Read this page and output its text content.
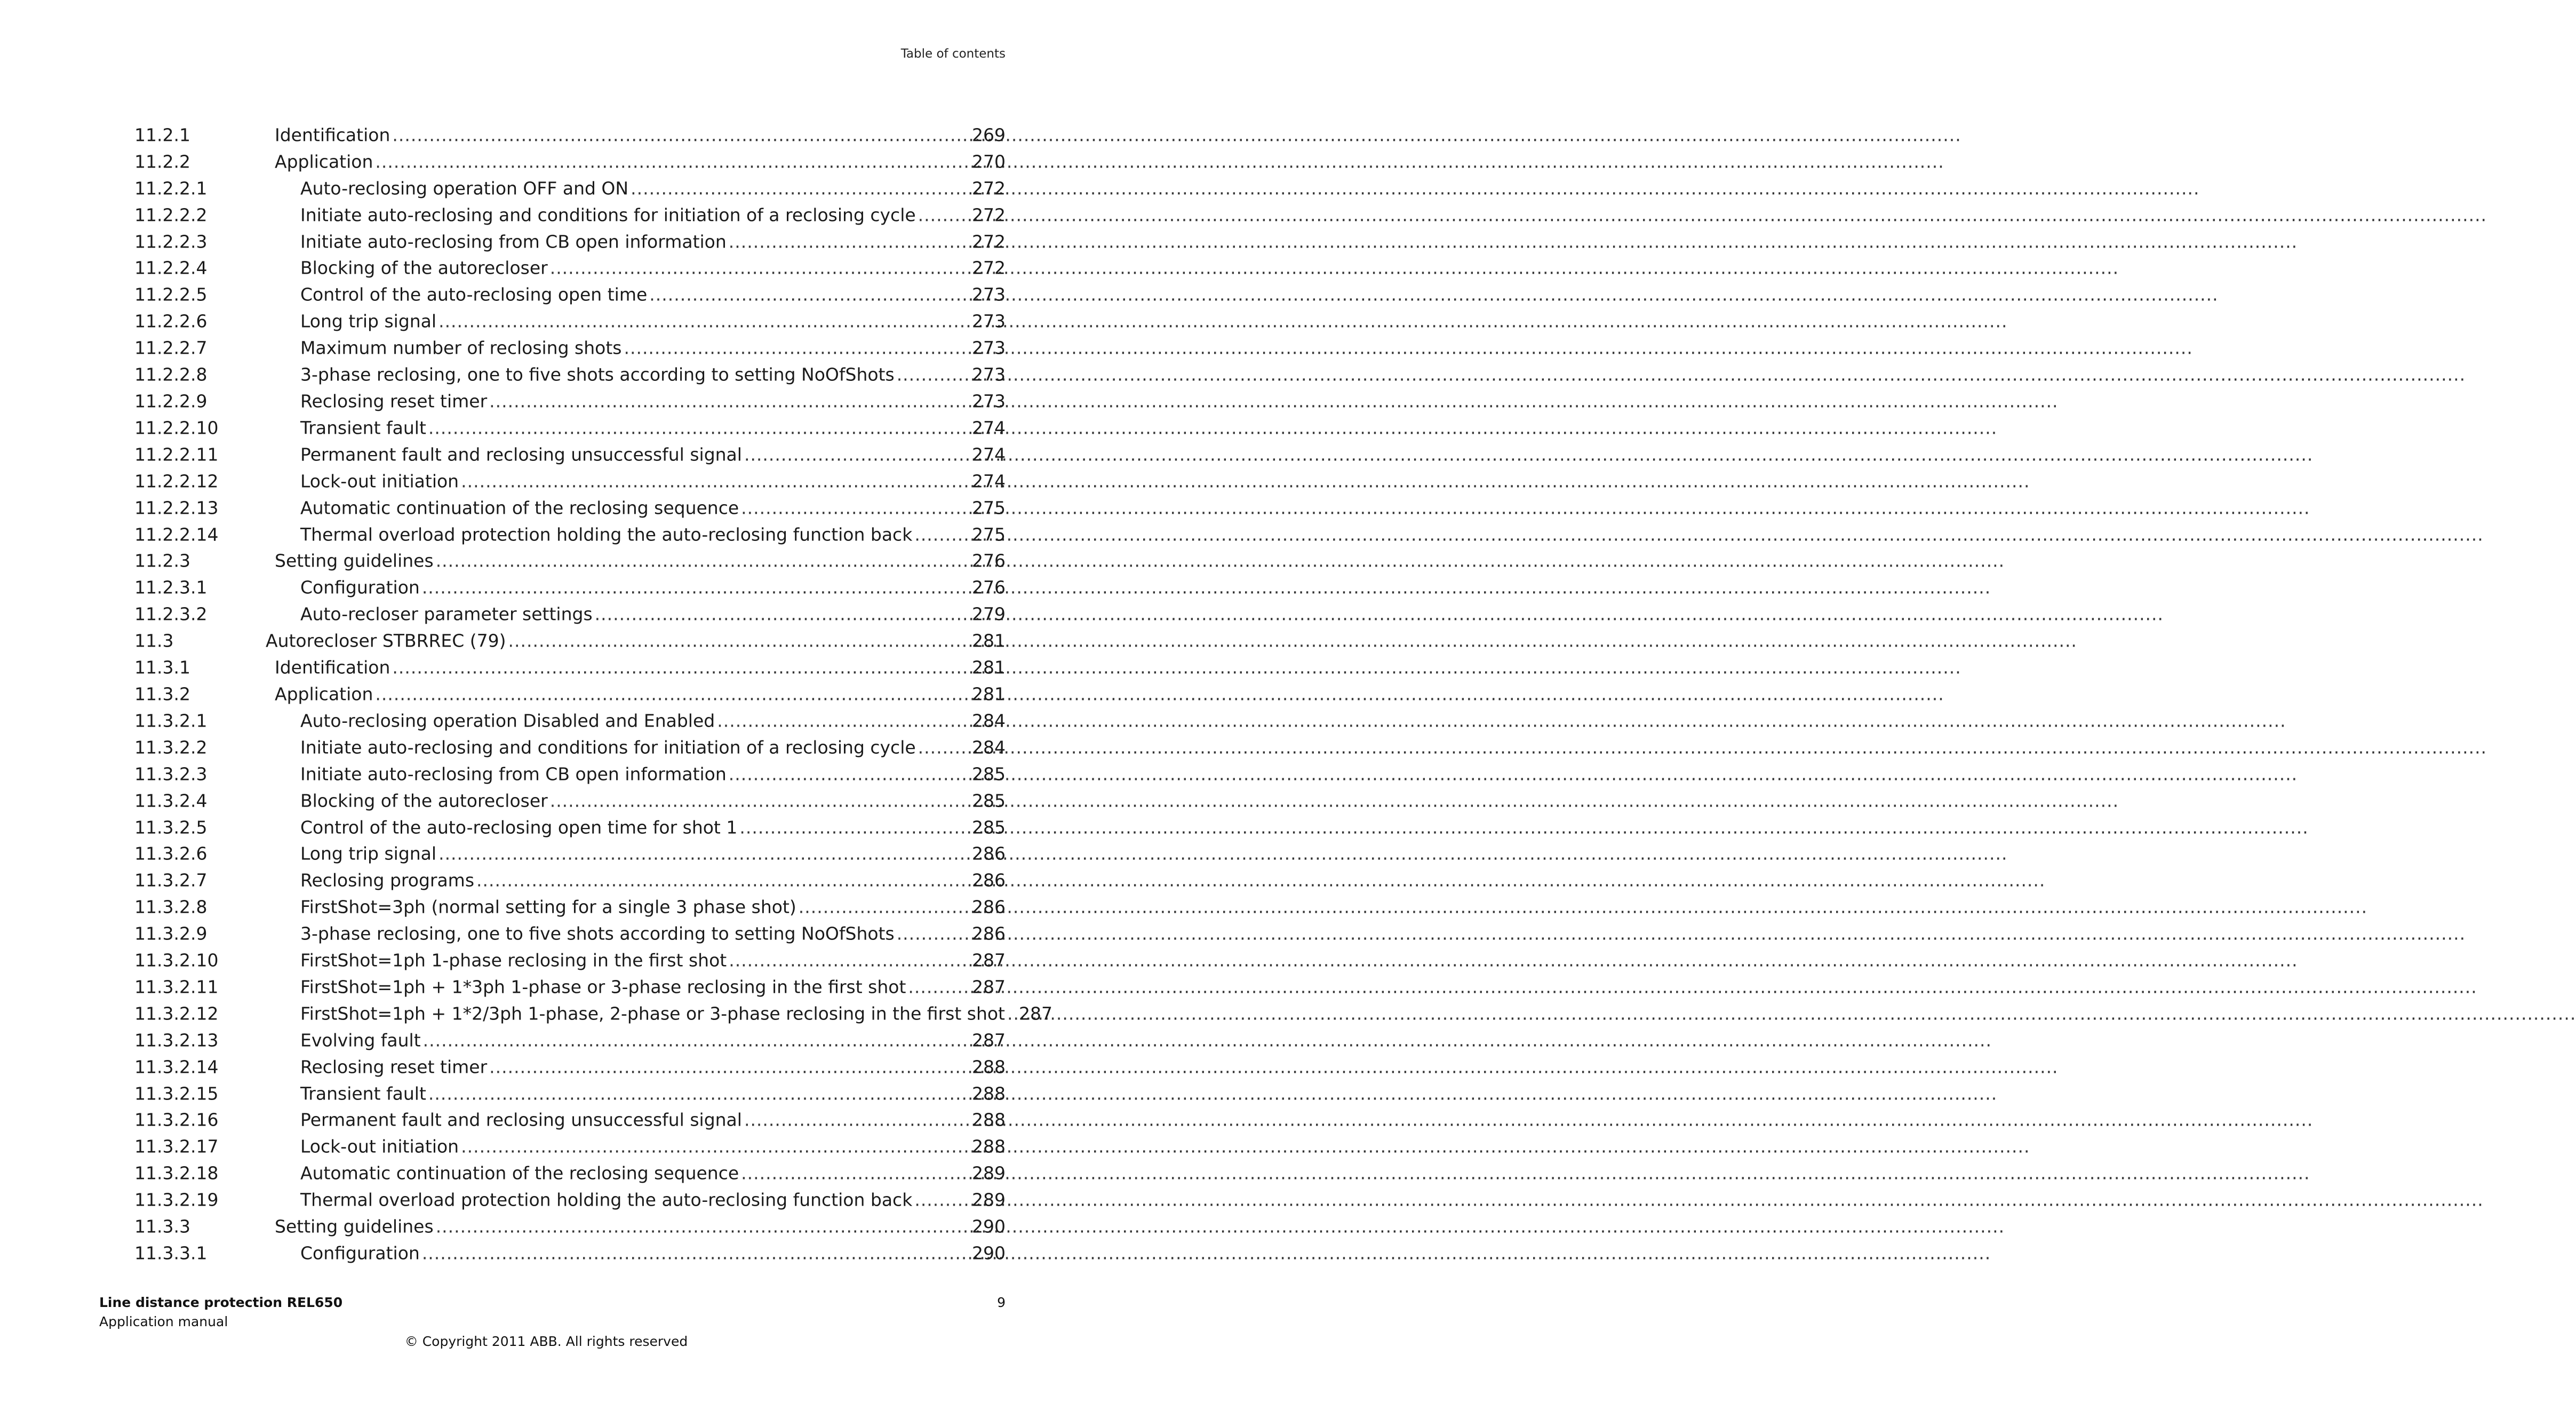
Table of contents
11.2.1	Identification .....	269
11.2.2	Application .....	270
11.2.2.1	Auto-reclosing operation OFF and ON .....	272
11.2.2.2	Initiate auto-reclosing and conditions for initiation of a reclosing cycle .....	272
11.2.2.3	Initiate auto-reclosing from CB open information .....	272
11.2.2.4	Blocking of the autorecloser .....	272
11.2.2.5	Control of the auto-reclosing open time .....	273
11.2.2.6	Long trip signal .....	273
11.2.2.7	Maximum number of reclosing shots .....	273
11.2.2.8	3-phase reclosing, one to five shots according to setting NoOfShots .....	273
11.2.2.9	Reclosing reset timer .....	273
11.2.2.10	Transient fault .....	274
11.2.2.11	Permanent fault and reclosing unsuccessful signal .....	274
11.2.2.12	Lock-out initiation .....	274
11.2.2.13	Automatic continuation of the reclosing sequence .....	275
11.2.2.14	Thermal overload protection holding the auto-reclosing function back .....	275
11.2.3	Setting guidelines .....	276
11.2.3.1	Configuration .....	276
11.2.3.2	Auto-recloser parameter settings .....	279
11.3	Autorecloser STBRREC (79) .....	281
11.3.1	Identification .....	281
11.3.2	Application .....	281
11.3.2.1	Auto-reclosing operation Disabled and Enabled .....	284
11.3.2.2	Initiate auto-reclosing and conditions for initiation of a reclosing cycle .....	284
11.3.2.3	Initiate auto-reclosing from CB open information .....	285
11.3.2.4	Blocking of the autorecloser .....	285
11.3.2.5	Control of the auto-reclosing open time for shot 1 .....	285
11.3.2.6	Long trip signal .....	286
11.3.2.7	Reclosing programs .....	286
11.3.2.8	FirstShot=3ph (normal setting for a single 3 phase shot) .....	286
11.3.2.9	3-phase reclosing, one to five shots according to setting NoOfShots .....	286
11.3.2.10	FirstShot=1ph 1-phase reclosing in the first shot .....	287
11.3.2.11	FirstShot=1ph + 1*3ph 1-phase or 3-phase reclosing in the first shot .....	287
11.3.2.12	FirstShot=1ph + 1*2/3ph 1-phase, 2-phase or 3-phase reclosing in the first shot ..... 287
11.3.2.13	Evolving fault .....	287
11.3.2.14	Reclosing reset timer .....	288
11.3.2.15	Transient fault .....	288
11.3.2.16	Permanent fault and reclosing unsuccessful signal .....	288
11.3.2.17	Lock-out initiation .....	288
11.3.2.18	Automatic continuation of the reclosing sequence .....	289
11.3.2.19	Thermal overload protection holding the auto-reclosing function back .....	289
11.3.3	Setting guidelines .....	290
11.3.3.1	Configuration .....	290
Line distance protection REL650
Application manual
9
© Copyright 2011 ABB. All rights reserved
